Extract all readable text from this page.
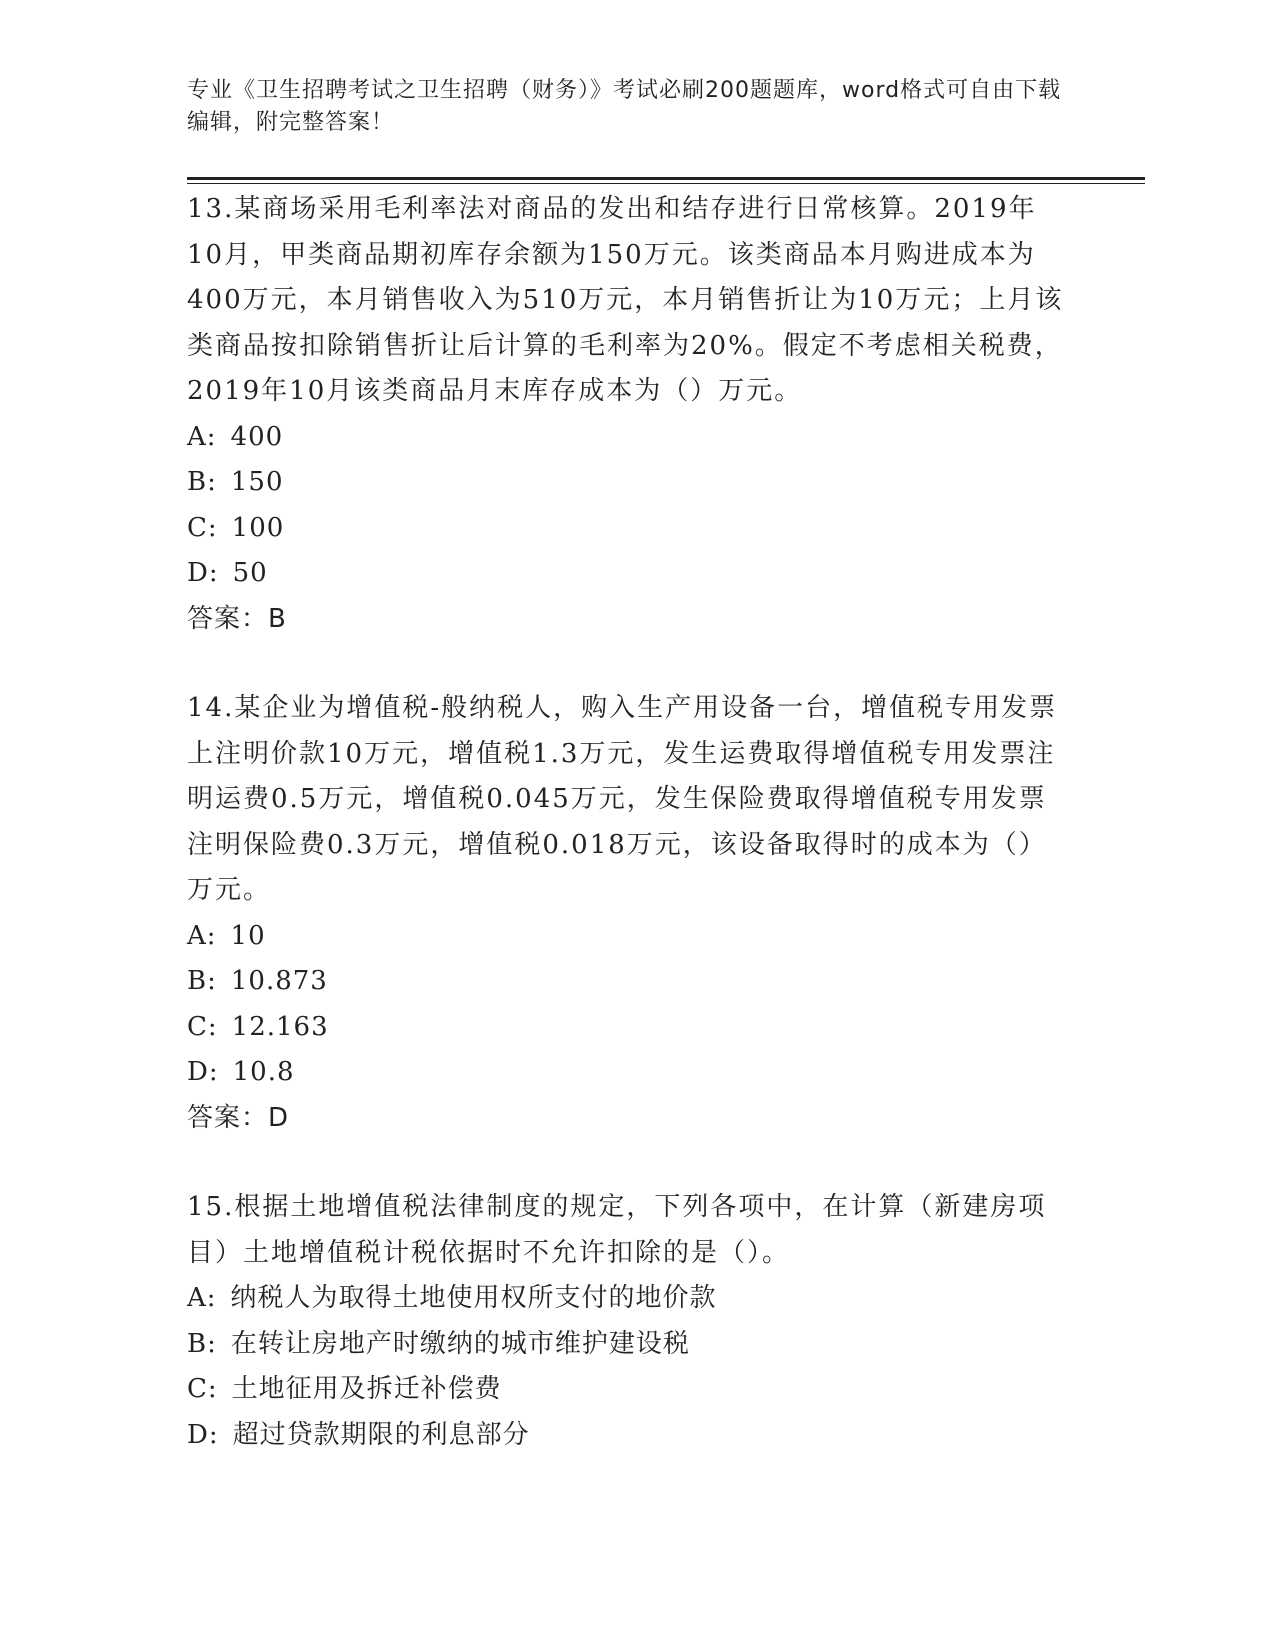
专业《卫生招聘考试之卫生招聘（财务）》考试必刷200题题库，word格式可自由下载编辑，附完整答案！

13.某商场采用毛利率法对商品的发出和结存进行日常核算。2019年10月，甲类商品期初库存余额为150万元。该类商品本月购进成本为400万元，本月销售收入为510万元，本月销售折让为10万元；上月该类商品按扣除销售折让后计算的毛利率为20%。假定不考虑相关税费，2019年10月该类商品月末库存成本为（）万元。

A: 400

B: 150

C: 100

D: 50

答案：B

14.某企业为增值税-般纳税人，购入生产用设备一台，增值税专用发票上注明价款10万元，增值税1.3万元，发生运费取得增值税专用发票注明运费0.5万元，增值税0.045万元，发生保险费取得增值税专用发票注明保险费0.3万元，增值税0.018万元，该设备取得时的成本为（）万元。

A: 10

B: 10.873

C: 12.163

D: 10.8

答案：D

15.根据土地增值税法律制度的规定，下列各项中，在计算（新建房项目）土地增值税计税依据时不允许扣除的是（）。

A: 纳税人为取得土地使用权所支付的地价款

B: 在转让房地产时缴纳的城市维护建设税

C: 土地征用及拆迁补偿费

D: 超过贷款期限的利息部分
